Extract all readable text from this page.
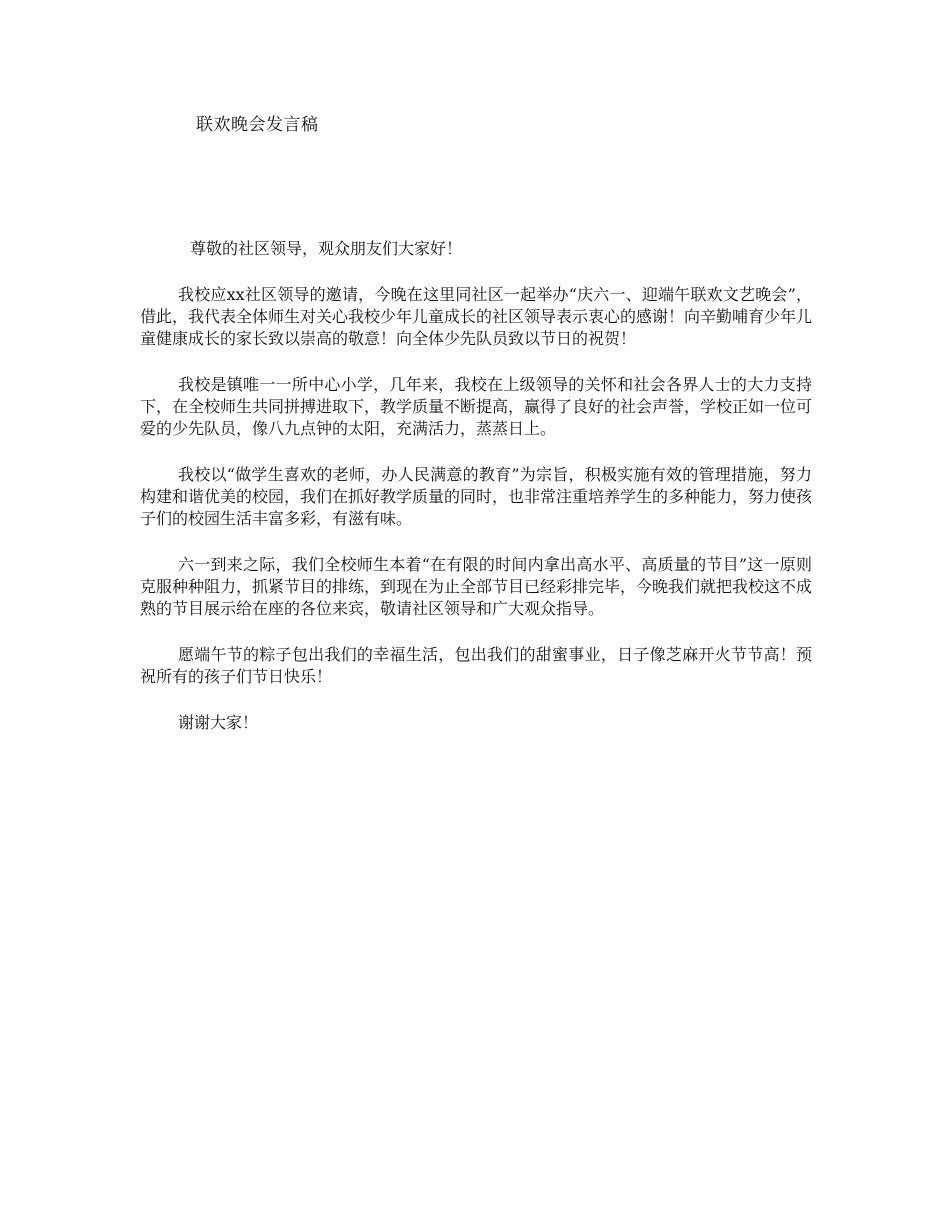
联欢晚会发言稿

尊敬的社区领导，观众朋友们大家好！

我校应xx社区领导的邀请，今晚在这里同社区一起举办“庆六一、迎端午联欢文艺晚会”，借此，我代表全体师生对关心我校少年儿童成长的社区领导表示衷心的感谢！向辛勤哺育少年儿童健康成长的家长致以崇高的敬意！向全体少先队员致以节日的祝贺！

我校是镇唯一一所中心小学，几年来，我校在上级领导的关怀和社会各界人士的大力支持下，在全校师生共同拼搏进取下，教学质量不断提高，赢得了良好的社会声誉，学校正如一位可爱的少先队员，像八九点钟的太阳，充满活力，蒸蒸日上。

我校以“做学生喜欢的老师，办人民满意的教育”为宗旨，积极实施有效的管理措施，努力构建和谐优美的校园，我们在抓好教学质量的同时，也非常注重培养学生的多种能力，努力使孩子们的校园生活丰富多彩，有滋有味。

六一到来之际，我们全校师生本着“在有限的时间内拿出高水平、高质量的节目”这一原则克服种种阻力，抓紧节目的排练，到现在为止全部节目已经彩排完毕，今晚我们就把我校这不成熟的节目展示给在座的各位来宾，敬请社区领导和广大观众指导。

愿端午节的粽子包出我们的幸福生活，包出我们的甜蜜事业，日子像芝麻开火节节高！预祝所有的孩子们节日快乐！

谢谢大家！
